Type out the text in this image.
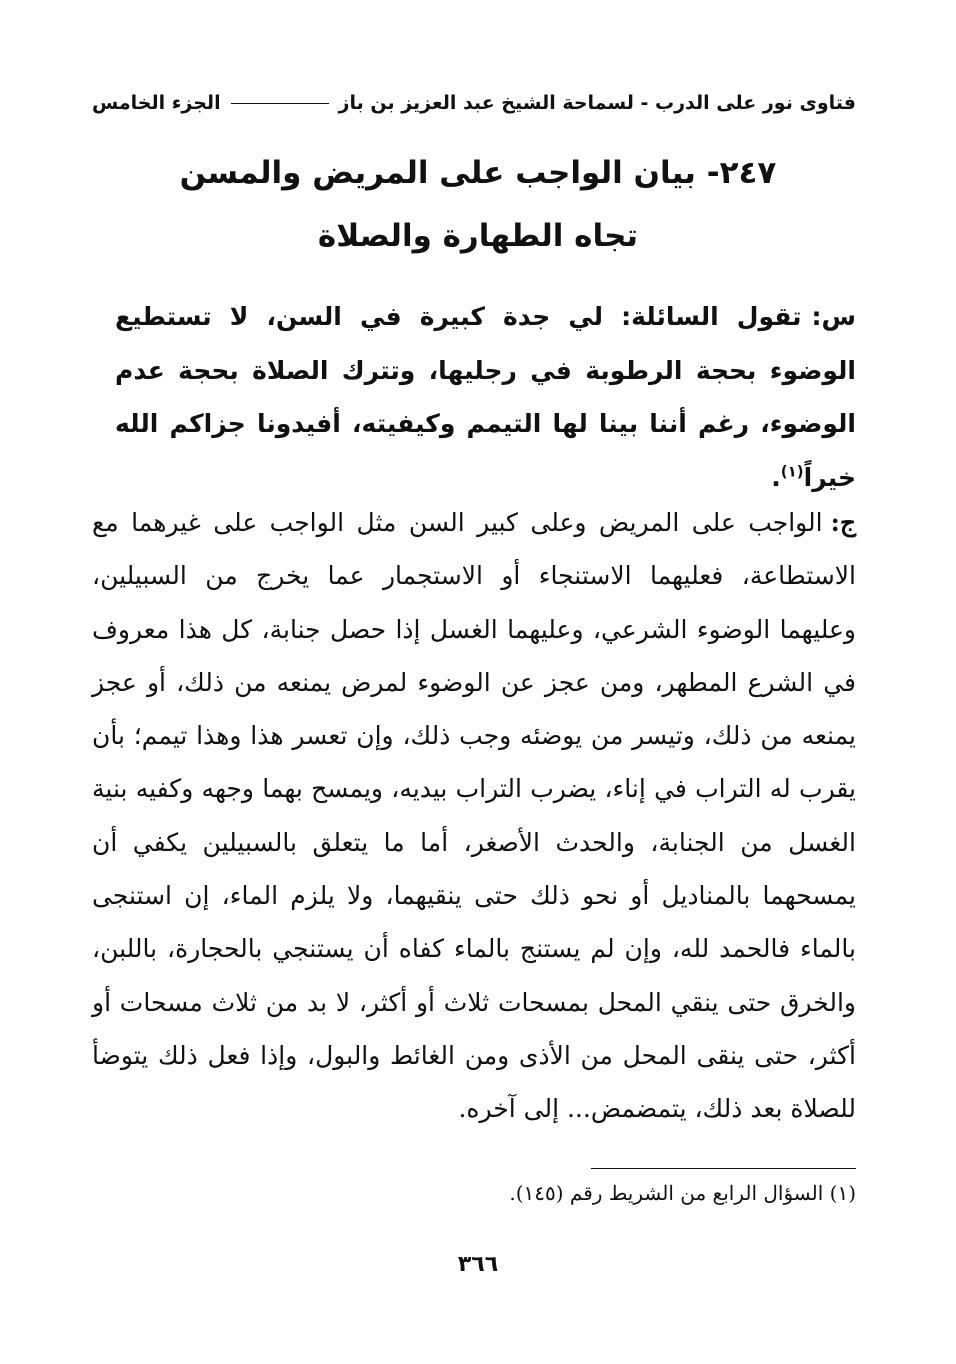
فتاوى نور على الدرب - لسماحة الشيخ عبد العزيز بن باز
الجزء الخامس
٢٤٧- بيان الواجب على المريض والمسن
تجاه الطهارة والصلاة
س:تقول السائلة: لي جدة كبيرة في السن، لا تستطيع الوضوء بحجة الرطوبة في رجليها، وتترك الصلاة بحجة عدم الوضوء، رغم أننا بينا لها التيمم وكيفيته، أفيدونا جزاكم الله خيراً$^{(١)}$.
ج:الواجب على المريض وعلى كبير السن مثل الواجب على غيرهما مع الاستطاعة، فعليهما الاستنجاء أو الاستجمار عما يخرج من السبيلين، وعليهما الوضوء الشرعي، وعليهما الغسل إذا حصل جنابة، كل هذا معروف في الشرع المطهر، ومن عجز عن الوضوء لمرض يمنعه من ذلك، أو عجز يمنعه من ذلك، وتيسر من يوضئه وجب ذلك، وإن تعسر هذا وهذا تيمم؛ بأن يقرب له التراب في إناء، يضرب التراب بيديه، ويمسح بهما وجهه وكفيه بنية الغسل من الجنابة، والحدث الأصغر، أما ما يتعلق بالسبيلين يكفي أن يمسحهما بالمناديل أو نحو ذلك حتى ينقيهما، ولا يلزم الماء، إن استنجى بالماء فالحمد لله، وإن لم يستنج بالماء كفاه أن يستنجي بالحجارة، باللبن، والخرق حتى ينقي المحل بمسحات ثلاث أو أكثر، لا بد من ثلاث مسحات أو أكثر، حتى ينقى المحل من الأذى ومن الغائط والبول، وإذا فعل ذلك يتوضأ للصلاة بعد ذلك، يتمضمض... إلى آخره.
(١) السؤال الرابع من الشريط رقم (١٤٥).
٣٦٦
